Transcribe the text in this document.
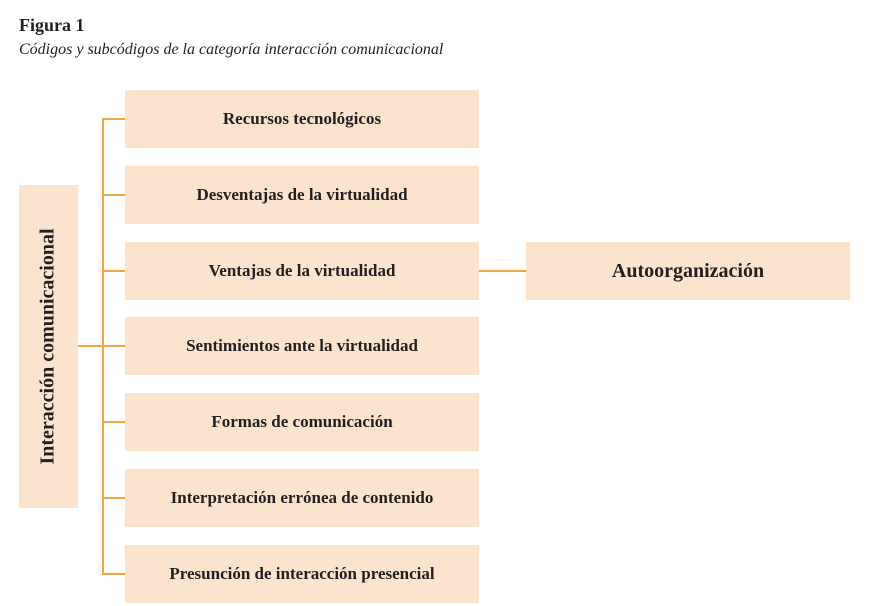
Figura 1

Códigos y subcódigos de la categoría interacción comunicacional

Interacción comunicacional
Recursos tecnológicos
Desventajas de la virtualidad
Ventajas de la virtualidad
Sentimientos ante la virtualidad
Formas de comunicación
Interpretación errónea de contenido
Presunción de interacción presencial
Autoorganización
